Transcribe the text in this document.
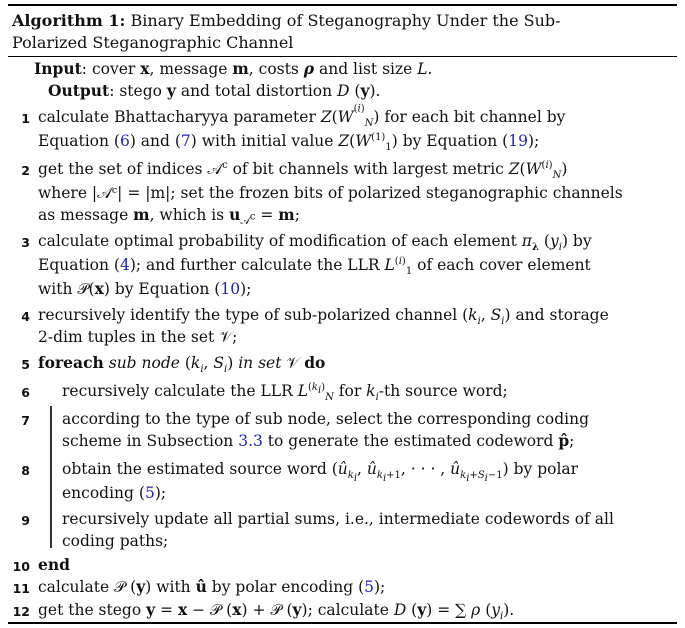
Algorithm 1: Binary Embedding of Steganography Under the Sub-
Polarized Steganographic Channel
Input: cover x, message m, costs ρ and list size L.
Output: stego y and total distortion D (y).
1 calculate Bhattacharyya parameter $Z(W^{^{(i)}}_N)$ for each bit channel by
Equation (6) and (7) with initial value $Z(W^{(1)}_1)$ by Equation (19);
2 get the set of indices 𝒜$^c$ of bit channels with largest metric $Z(W^{(i)}_N)$
where |𝒜ᶜ| = |m|; set the frozen bits of polarized steganographic channels
as message m, which is $u_{𝒜^c} = m$;
3 calculate optimal probability of modification of each element $\pi_\lambda$ $(y_i)$ by
Equation (4); and further calculate the LLR $L^{(i)}_1$ of each cover element
with 𝒫(x) by Equation (10);
4 recursively identify the type of sub-polarized channel ($k_i$, $S_i$) and storage
2-dim tuples in the set 𝒱;
5 foreach sub node ($k_i$, $S_i$) in set 𝒱 do
6 recursively calculate the LLR $L^{(k_i)}_N$ for $k_i-th$ source word;
7 according to the type of sub node, select the corresponding coding
scheme in Subsection 3.3 to generate the estimated codeword p̂;
8 obtain the estimated source word ($û_{k_i}$, $û_{k_i+1}$, · · · , $û_{k_i+S_i-1}$) by polar
encoding (5);
9 recursively update all partial sums, i.e., intermediate codewords of all
coding paths;
10 end
11 calculate 𝒫 (y) with û by polar encoding (5);
12 get the stego y = x − 𝒫 (x) + 𝒫 (y); calculate D (y) = ∑ ρ $(y_i)$.
